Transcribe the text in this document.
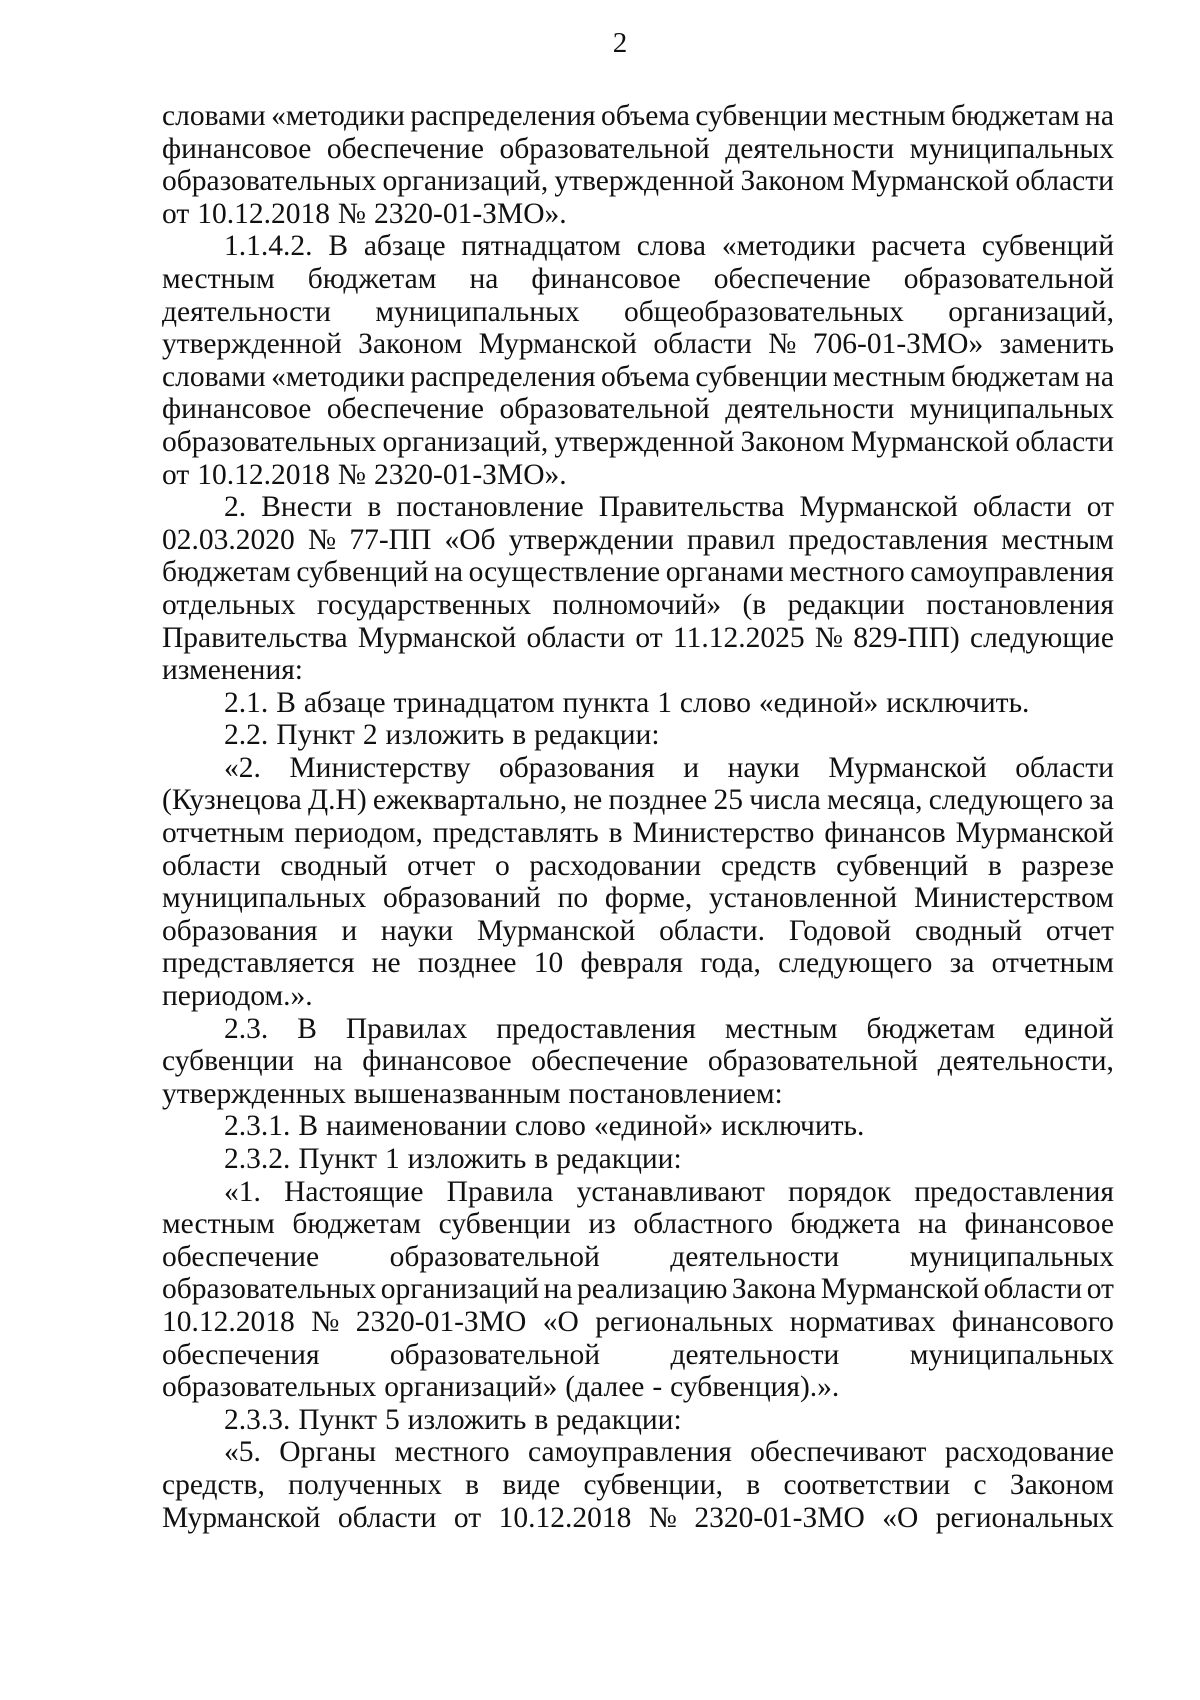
2
словами «методики распределения объема субвенции местным бюджетам на
финансовое обеспечение образовательной деятельности муниципальных
образовательных организаций, утвержденной Законом Мурманской области
от 10.12.2018 № 2320-01-ЗМО».
1.1.4.2. В абзаце пятнадцатом слова «методики расчета субвенций
местным бюджетам на финансовое обеспечение образовательной
деятельности муниципальных общеобразовательных организаций,
утвержденной Законом Мурманской области № 706-01-ЗМО» заменить
словами «методики распределения объема субвенции местным бюджетам на
финансовое обеспечение образовательной деятельности муниципальных
образовательных организаций, утвержденной Законом Мурманской области
от 10.12.2018 № 2320-01-ЗМО».
2. Внести в постановление Правительства Мурманской области от
02.03.2020 № 77-ПП «Об утверждении правил предоставления местным
бюджетам субвенций на осуществление органами местного самоуправления
отдельных государственных полномочий» (в редакции постановления
Правительства Мурманской области от 11.12.2025 № 829-ПП) следующие
изменения:
2.1. В абзаце тринадцатом пункта 1 слово «единой» исключить.
2.2. Пункт 2 изложить в редакции:
«2. Министерству образования и науки Мурманской области
(Кузнецова Д.Н) ежеквартально, не позднее 25 числа месяца, следующего за
отчетным периодом, представлять в Министерство финансов Мурманской
области сводный отчет о расходовании средств субвенций в разрезе
муниципальных образований по форме, установленной Министерством
образования и науки Мурманской области. Годовой сводный отчет
представляется не позднее 10 февраля года, следующего за отчетным
периодом.».
2.3. В Правилах предоставления местным бюджетам единой
субвенции на финансовое обеспечение образовательной деятельности,
утвержденных вышеназванным постановлением:
2.3.1. В наименовании слово «единой» исключить.
2.3.2. Пункт 1 изложить в редакции:
«1. Настоящие Правила устанавливают порядок предоставления
местным бюджетам субвенции из областного бюджета на финансовое
обеспечение образовательной деятельности муниципальных
образовательных организаций на реализацию Закона Мурманской области от
10.12.2018 № 2320-01-ЗМО «О региональных нормативах финансового
обеспечения образовательной деятельности муниципальных
образовательных организаций» (далее - субвенция).».
2.3.3. Пункт 5 изложить в редакции:
«5. Органы местного самоуправления обеспечивают расходование
средств, полученных в виде субвенции, в соответствии с Законом
Мурманской области от 10.12.2018 № 2320-01-ЗМО «О региональных
